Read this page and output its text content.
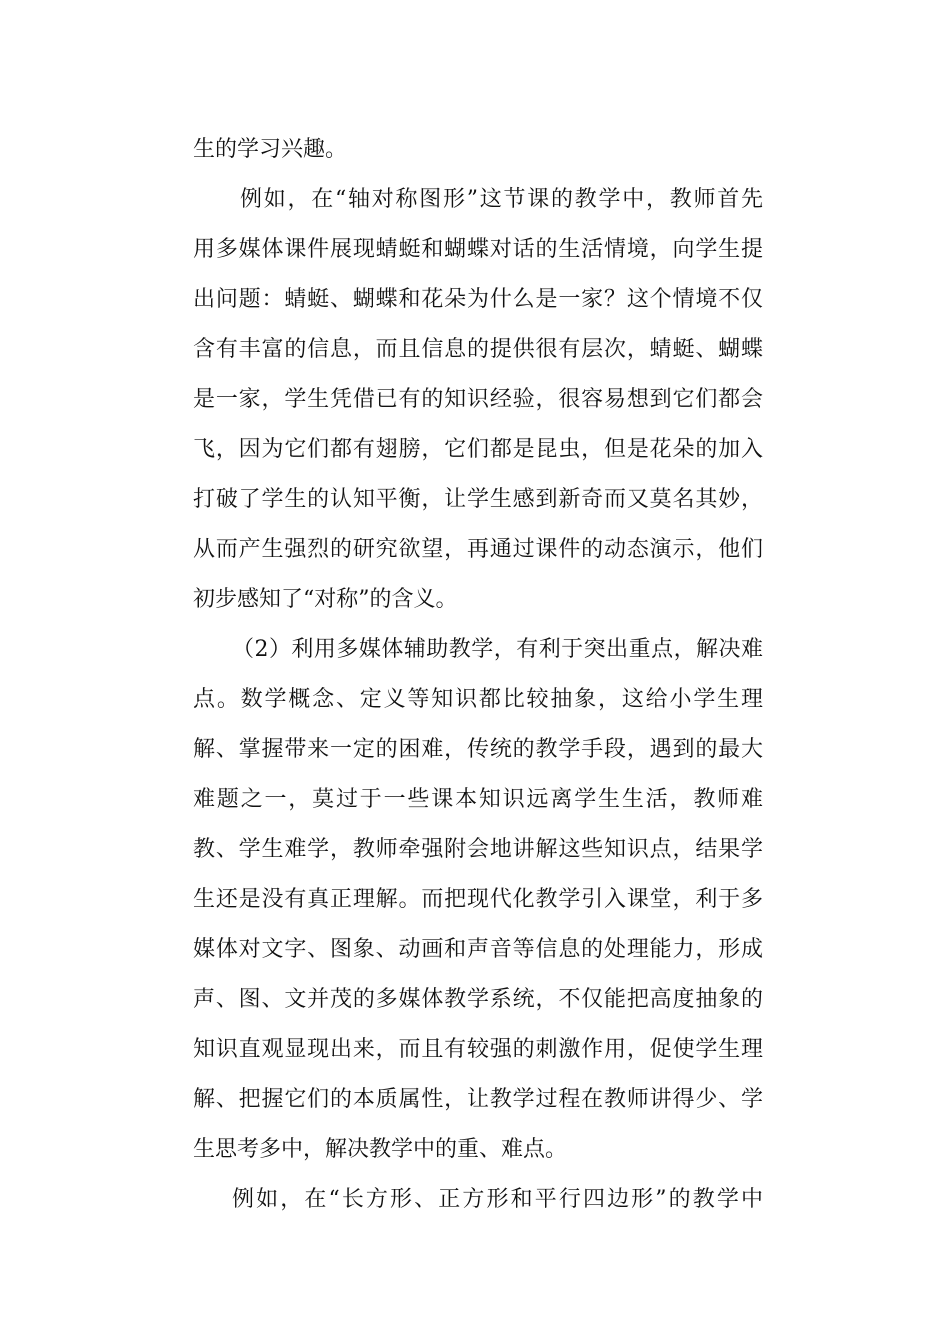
生的学习兴趣。
例如，在“轴对称图形”这节课的教学中，教师首先
用多媒体课件展现蜻蜓和蝴蝶对话的生活情境，向学生提
出问题：蜻蜓、蝴蝶和花朵为什么是一家？这个情境不仅
含有丰富的信息，而且信息的提供很有层次，蜻蜓、蝴蝶
是一家，学生凭借已有的知识经验，很容易想到它们都会
飞，因为它们都有翅膀，它们都是昆虫，但是花朵的加入
打破了学生的认知平衡，让学生感到新奇而又莫名其妙，
从而产生强烈的研究欲望，再通过课件的动态演示，他们
初步感知了“对称”的含义。
（2）利用多媒体辅助教学，有利于突出重点，解决难
点。数学概念、定义等知识都比较抽象，这给小学生理
解、掌握带来一定的困难，传统的教学手段，遇到的最大
难题之一，莫过于一些课本知识远离学生生活，教师难
教、学生难学，教师牵强附会地讲解这些知识点，结果学
生还是没有真正理解。而把现代化教学引入课堂，利于多
媒体对文字、图象、动画和声音等信息的处理能力，形成
声、图、文并茂的多媒体教学系统，不仅能把高度抽象的
知识直观显现出来，而且有较强的刺激作用，促使学生理
解、把握它们的本质属性，让教学过程在教师讲得少、学
生思考多中，解决教学中的重、难点。
例如，在“长方形、正方形和平行四边形”的教学中
